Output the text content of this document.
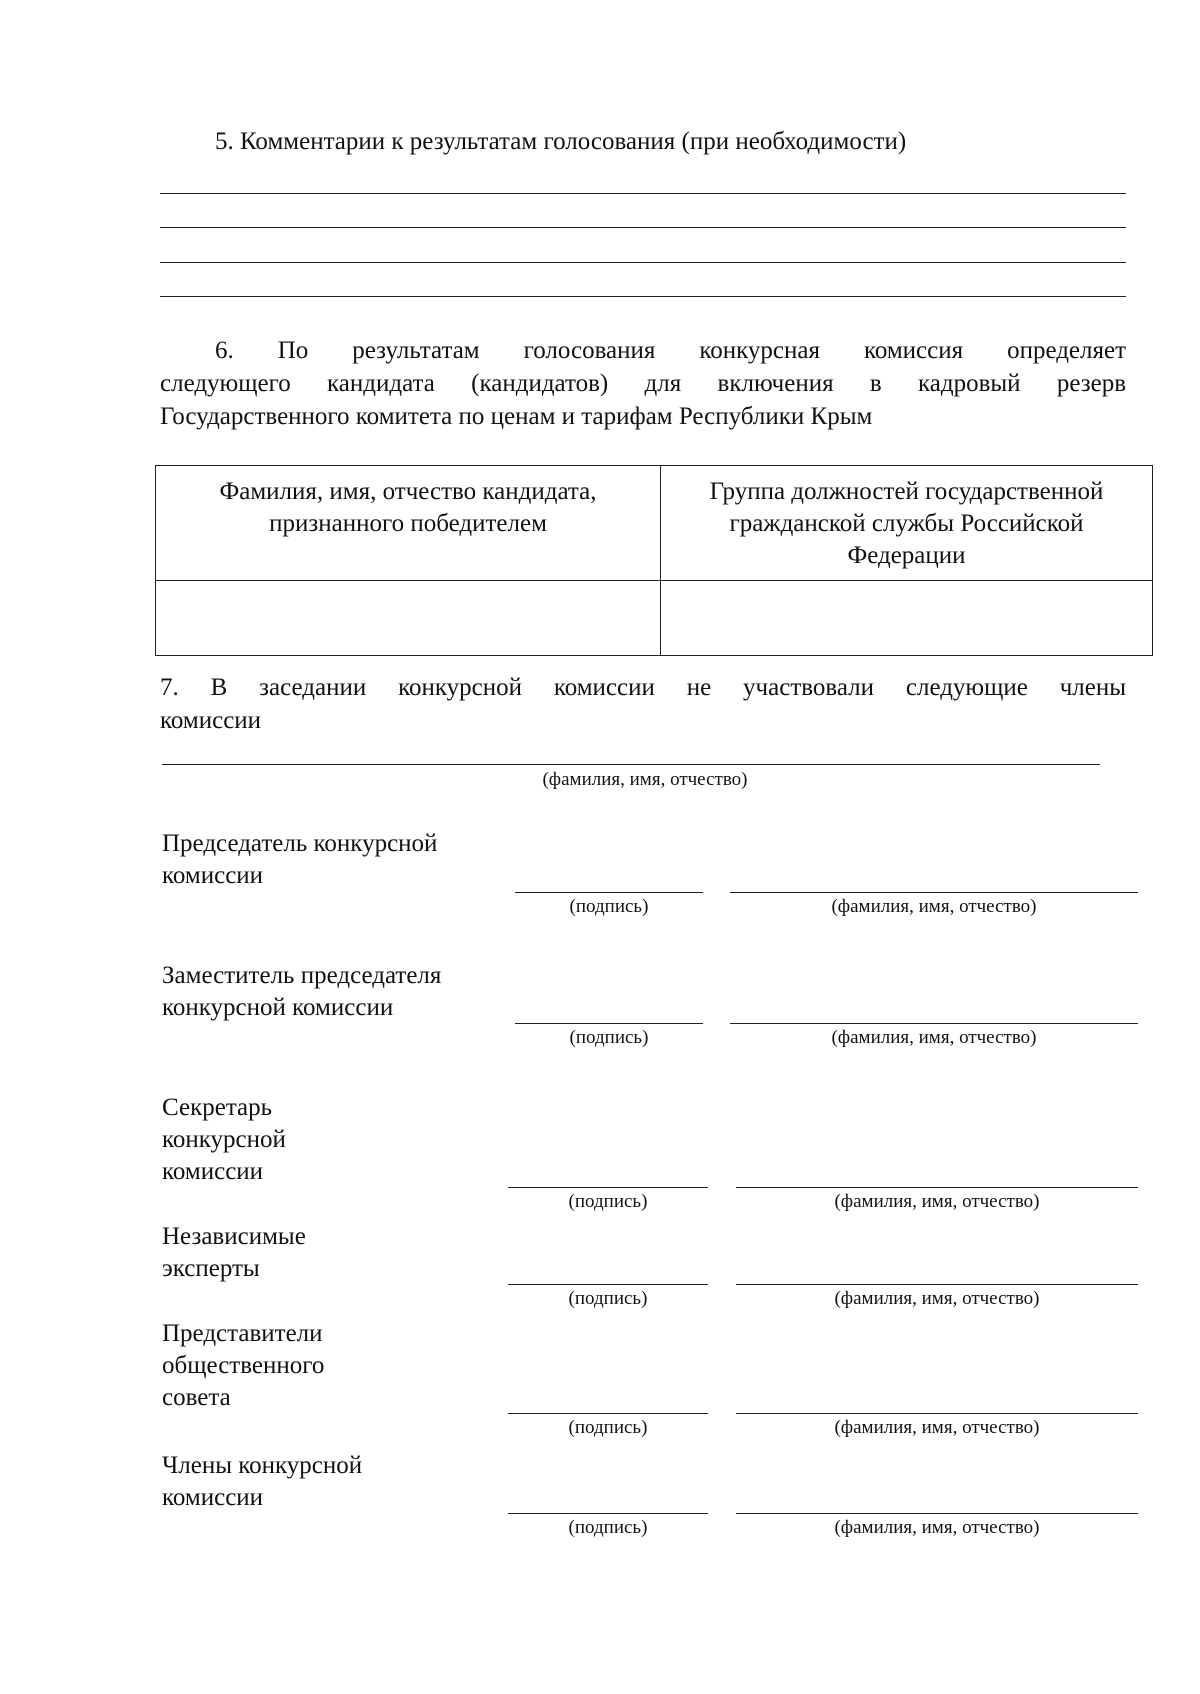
5. Комментарии к результатам голосования (при необходимости)
6. По результатам голосования конкурсная комиссия определяет
следующего кандидата (кандидатов) для включения в кадровый резерв
Государственного комитета по ценам и тарифам Республики Крым
Фамилия, имя, отчество кандидата, признанного победителем	Группа должностей государственной гражданской службы Российской Федерации

7. В заседании конкурсной комиссии не участвовали следующие члены
комиссии
(фамилия, имя, отчество)
Председатель конкурсной
комиссии
(подпись)	(фамилия, имя, отчество)
Заместитель председателя
конкурсной комиссии
(подпись)	(фамилия, имя, отчество)
Секретарь
конкурсной
комиссии
(подпись)	(фамилия, имя, отчество)
Независимые
эксперты
(подпись)	(фамилия, имя, отчество)
Представители
общественного
совета
(подпись)	(фамилия, имя, отчество)
Члены конкурсной
комиссии
(подпись)	(фамилия, имя, отчество)
